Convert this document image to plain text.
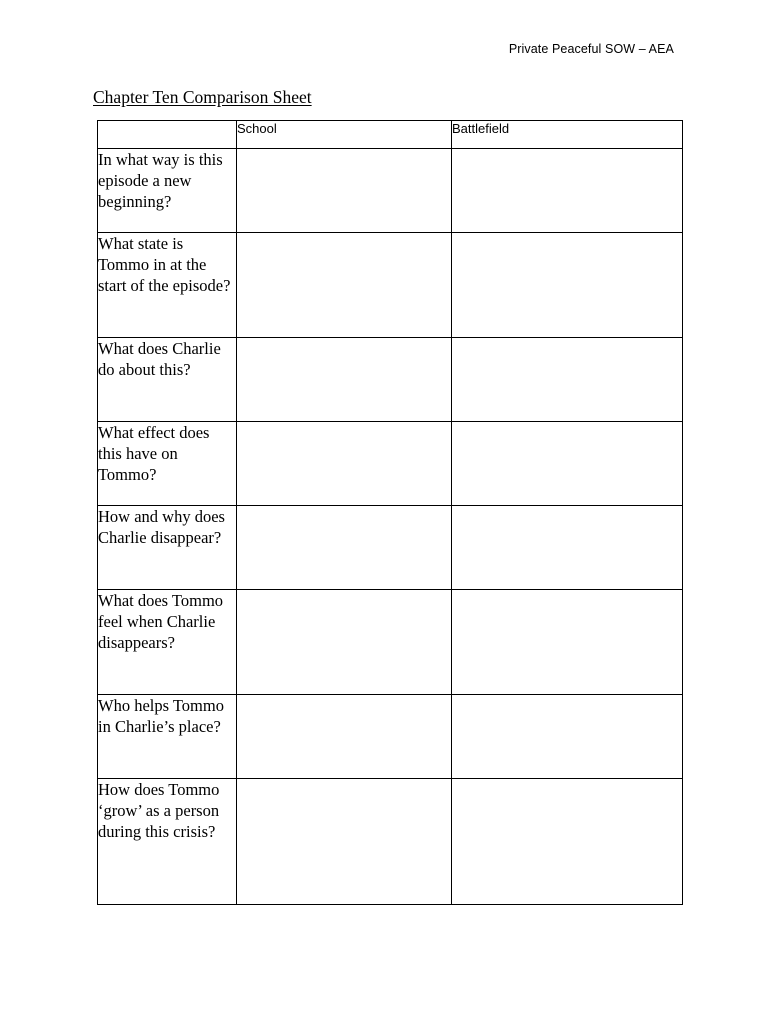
Private Peaceful SOW – AEA
Chapter Ten Comparison Sheet
	School	Battlefield
In what way is this episode a new beginning?		
What state is Tommo in at the start of the episode?		
What does Charlie do about this?		
What effect does this have on Tommo?		
How and why does Charlie disappear?		
What does Tommo feel when Charlie disappears?		
Who helps Tommo in Charlie’s place?		
How does Tommo ‘grow’ as a person during this crisis?		
